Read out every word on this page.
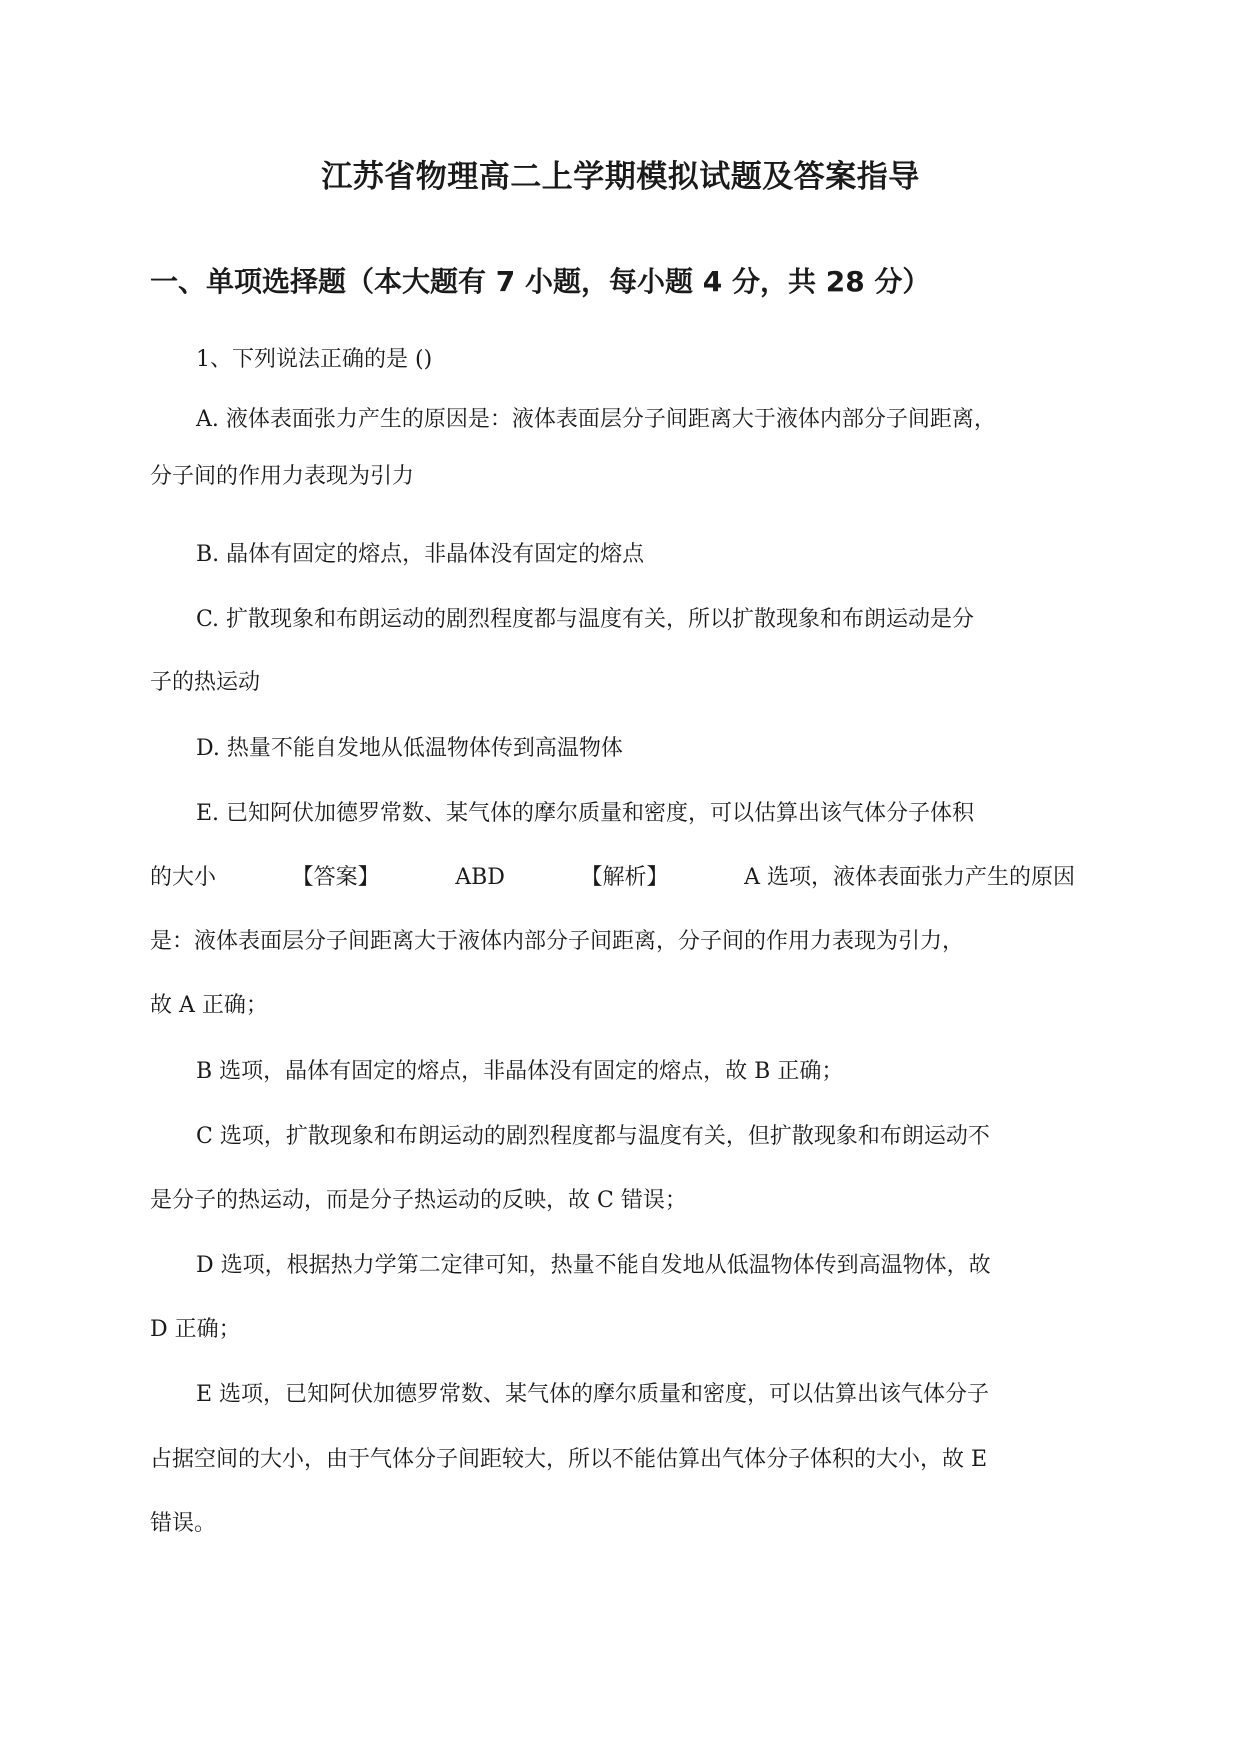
江苏省物理高二上学期模拟试题及答案指导
一、单项选择题（本大题有 7 小题，每小题 4 分，共 28 分）
1、下列说法正确的是 ()
A. 液体表面张力产生的原因是：液体表面层分子间距离大于液体内部分子间距离，
分子间的作用力表现为引力
B. 晶体有固定的熔点，非晶体没有固定的熔点
C. 扩散现象和布朗运动的剧烈程度都与温度有关，所以扩散现象和布朗运动是分
子的热运动
D. 热量不能自发地从低温物体传到高温物体
E. 已知阿伏加德罗常数、某气体的摩尔质量和密度，可以估算出该气体分子体积
的大小	【答案】	ABD	【解析】	A 选项，液体表面张力产生的原因
是：液体表面层分子间距离大于液体内部分子间距离，分子间的作用力表现为引力，
故 A 正确；
B 选项，晶体有固定的熔点，非晶体没有固定的熔点，故 B 正确；
C 选项，扩散现象和布朗运动的剧烈程度都与温度有关，但扩散现象和布朗运动不
是分子的热运动，而是分子热运动的反映，故 C 错误；
D 选项，根据热力学第二定律可知，热量不能自发地从低温物体传到高温物体，故
D 正确；
E 选项，已知阿伏加德罗常数、某气体的摩尔质量和密度，可以估算出该气体分子
占据空间的大小，由于气体分子间距较大，所以不能估算出气体分子体积的大小，故 E
错误。
